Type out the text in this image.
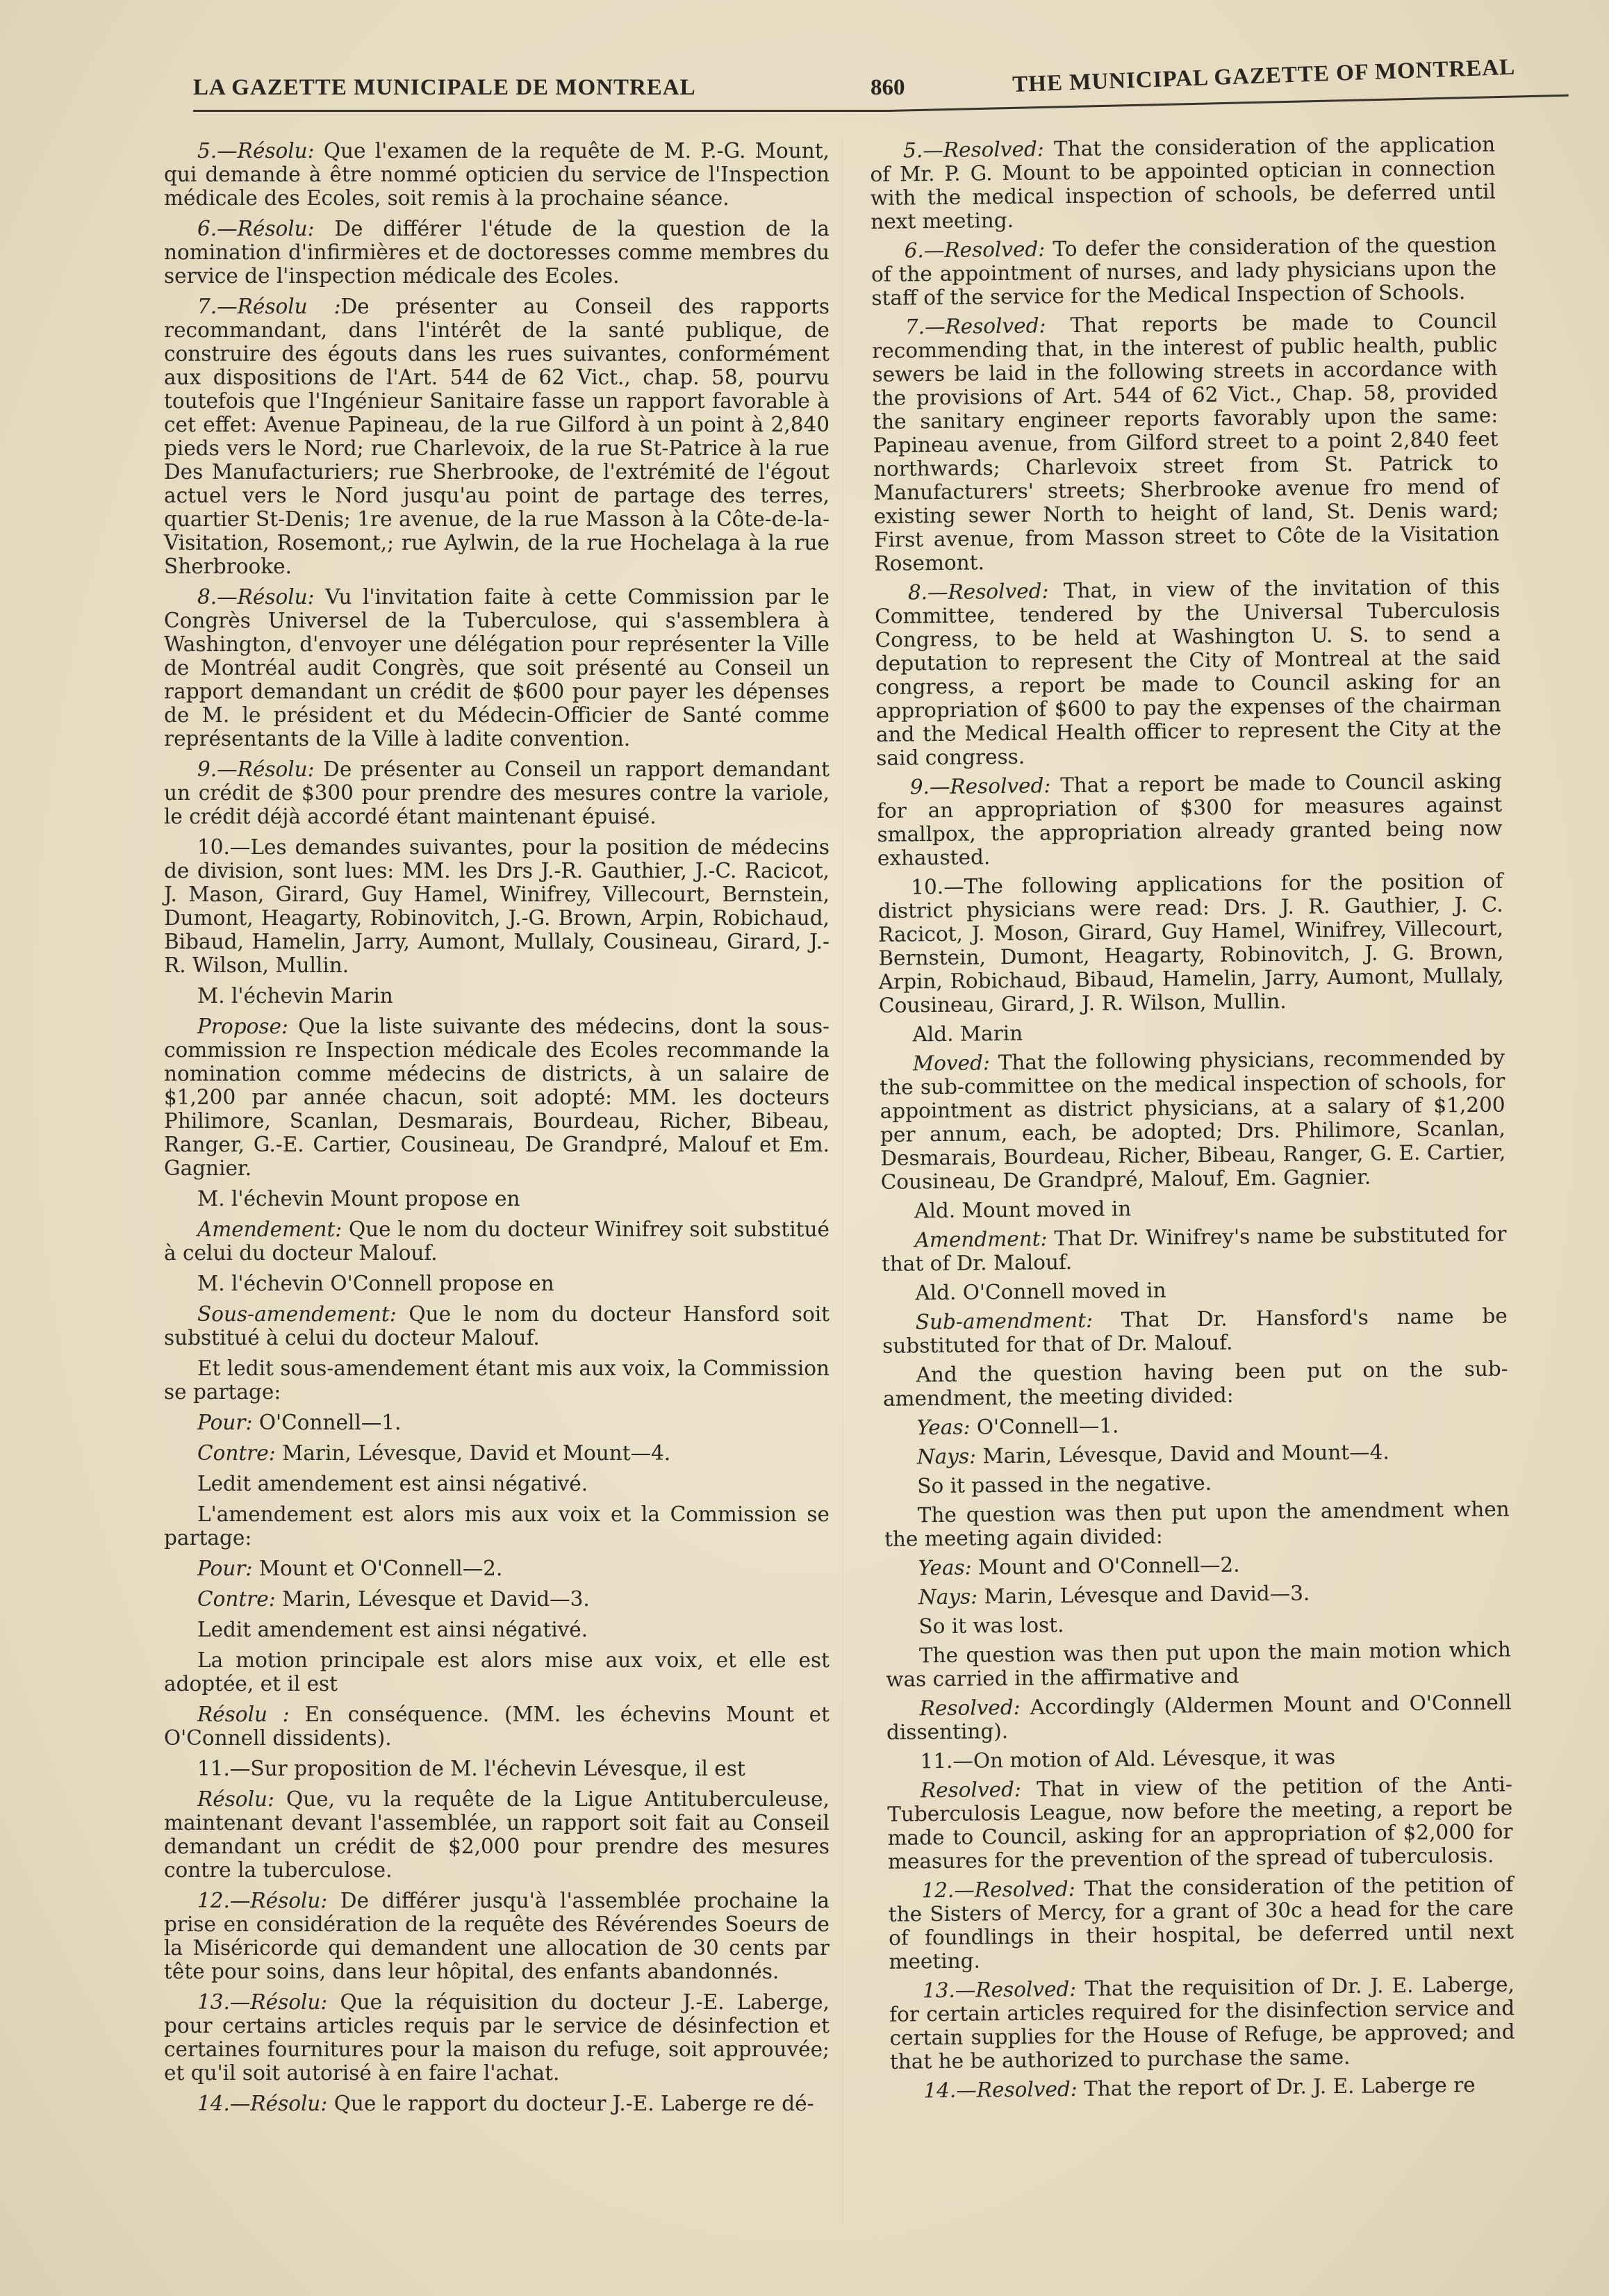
LA GAZETTE MUNICIPALE DE MONTREAL	860	THE MUNICIPAL GAZETTE OF MONTREAL

5.—Résolu: Que l'examen de la requête de M. P.-G. Mount, qui demande à être nommé opticien du service de l'Inspection médicale des Ecoles, soit remis à la prochaine séance.

6.—Résolu: De différer l'étude de la question de la nomination d'infirmières et de doctoresses comme membres du service de l'inspection médicale des Ecoles.

7.—Résolu :De présenter au Conseil des rapports recommandant, dans l'intérêt de la santé publique, de construire des égouts dans les rues suivantes, conformément aux dispositions de l'Art. 544 de 62 Vict., chap. 58, pourvu toutefois que l'Ingénieur Sanitaire fasse un rapport favorable à cet effet: Avenue Papineau, de la rue Gilford à un point à 2,840 pieds vers le Nord; rue Charlevoix, de la rue St-Patrice à la rue Des Manufacturiers; rue Sherbrooke, de l'extrémité de l'égout actuel vers le Nord jusqu'au point de partage des terres, quartier St-Denis; 1re avenue, de la rue Masson à la Côte-de-la-Visitation, Rosemont,; rue Aylwin, de la rue Hochelaga à la rue Sherbrooke.

8.—Résolu: Vu l'invitation faite à cette Commission par le Congrès Universel de la Tuberculose, qui s'assemblera à Washington, d'envoyer une délégation pour représenter la Ville de Montréal audit Congrès, que soit présenté au Conseil un rapport demandant un crédit de $600 pour payer les dépenses de M. le président et du Médecin-Officier de Santé comme représentants de la Ville à ladite convention.

9.—Résolu: De présenter au Conseil un rapport demandant un crédit de $300 pour prendre des mesures contre la variole, le crédit déjà accordé étant maintenant épuisé.

10.—Les demandes suivantes, pour la position de médecins de division, sont lues: MM. les Drs J.-R. Gauthier, J.-C. Racicot, J. Mason, Girard, Guy Hamel, Winifrey, Villecourt, Bernstein, Dumont, Heagarty, Robinovitch, J.-G. Brown, Arpin, Robichaud, Bibaud, Hamelin, Jarry, Aumont, Mullaly, Cousineau, Girard, J.-R. Wilson, Mullin.

M. l'échevin Marin

Propose: Que la liste suivante des médecins, dont la sous-commission re Inspection médicale des Ecoles recommande la nomination comme médecins de districts, à un salaire de $1,200 par année chacun, soit adopté: MM. les docteurs Philimore, Scanlan, Desmarais, Bourdeau, Richer, Bibeau, Ranger, G.-E. Cartier, Cousineau, De Grandpré, Malouf et Em. Gagnier.

M. l'échevin Mount propose en

Amendement: Que le nom du docteur Winifrey soit substitué à celui du docteur Malouf.

M. l'échevin O'Connell propose en

Sous-amendement: Que le nom du docteur Hansford soit substitué à celui du docteur Malouf.

Et ledit sous-amendement étant mis aux voix, la Commission se partage:

Pour: O'Connell—1.

Contre: Marin, Lévesque, David et Mount—4.

Ledit amendement est ainsi négativé.

L'amendement est alors mis aux voix et la Commission se partage:

Pour: Mount et O'Connell—2.

Contre: Marin, Lévesque et David—3.

Ledit amendement est ainsi négativé.

La motion principale est alors mise aux voix, et elle est adoptée, et il est

Résolu : En conséquence. (MM. les échevins Mount et O'Connell dissidents).

11.—Sur proposition de M. l'échevin Lévesque, il est

Résolu: Que, vu la requête de la Ligue Antituberculeuse, maintenant devant l'assemblée, un rapport soit fait au Conseil demandant un crédit de $2,000 pour prendre des mesures contre la tuberculose.

12.—Résolu: De différer jusqu'à l'assemblée prochaine la prise en considération de la requête des Révérendes Soeurs de la Miséricorde qui demandent une allocation de 30 cents par tête pour soins, dans leur hôpital, des enfants abandonnés.

13.—Résolu: Que la réquisition du docteur J.-E. Laberge, pour certains articles requis par le service de désinfection et certaines fournitures pour la maison du refuge, soit approuvée; et qu'il soit autorisé à en faire l'achat.

14.—Résolu: Que le rapport du docteur J.-E. Laberge re dé-

5.—Resolved: That the consideration of the application of Mr. P. G. Mount to be appointed optician in connection with the medical inspection of schools, be deferred until next meeting.

6.—Resolved: To defer the consideration of the question of the appointment of nurses, and lady physicians upon the staff of the service for the Medical Inspection of Schools.

7.—Resolved: That reports be made to Council recommending that, in the interest of public health, public sewers be laid in the following streets in accordance with the provisions of Art. 544 of 62 Vict., Chap. 58, provided the sanitary engineer reports favorably upon the same: Papineau avenue, from Gilford street to a point 2,840 feet northwards; Charlevoix street from St. Patrick to Manufacturers' streets; Sherbrooke avenue fro mend of existing sewer North to height of land, St. Denis ward; First avenue, from Masson street to Côte de la Visitation Rosemont.

8.—Resolved: That, in view of the invitation of this Committee, tendered by the Universal Tuberculosis Congress, to be held at Washington U. S. to send a deputation to represent the City of Montreal at the said congress, a report be made to Council asking for an appropriation of $600 to pay the expenses of the chairman and the Medical Health officer to represent the City at the said congress.

9.—Resolved: That a report be made to Council asking for an appropriation of $300 for measures against smallpox, the appropriation already granted being now exhausted.

10.—The following applications for the position of district physicians were read: Drs. J. R. Gauthier, J. C. Racicot, J. Moson, Girard, Guy Hamel, Winifrey, Villecourt, Bernstein, Dumont, Heagarty, Robinovitch, J. G. Brown, Arpin, Robichaud, Bibaud, Hamelin, Jarry, Aumont, Mullaly, Cousineau, Girard, J. R. Wilson, Mullin.

Ald. Marin

Moved: That the following physicians, recommended by the sub-committee on the medical inspection of schools, for appointment as district physicians, at a salary of $1,200 per annum, each, be adopted; Drs. Philimore, Scanlan, Desmarais, Bourdeau, Richer, Bibeau, Ranger, G. E. Cartier, Cousineau, De Grandpré, Malouf, Em. Gagnier.

Ald. Mount moved in

Amendment: That Dr. Winifrey's name be substituted for that of Dr. Malouf.

Ald. O'Connell moved in

Sub-amendment: That Dr. Hansford's name be substituted for that of Dr. Malouf.

And the question having been put on the sub-amendment, the meeting divided:

Yeas: O'Connell—1.

Nays: Marin, Lévesque, David and Mount—4.

So it passed in the negative.

The question was then put upon the amendment when the meeting again divided:

Yeas: Mount and O'Connell—2.

Nays: Marin, Lévesque and David—3.

So it was lost.

The question was then put upon the main motion which was carried in the affirmative and

Resolved: Accordingly (Aldermen Mount and O'Connell dissenting).

11.—On motion of Ald. Lévesque, it was

Resolved: That in view of the petition of the Anti-Tuberculosis League, now before the meeting, a report be made to Council, asking for an appropriation of $2,000 for measures for the prevention of the spread of tuberculosis.

12.—Resolved: That the consideration of the petition of the Sisters of Mercy, for a grant of 30c a head for the care of foundlings in their hospital, be deferred until next meeting.

13.—Resolved: That the requisition of Dr. J. E. Laberge, for certain articles required for the disinfection service and certain supplies for the House of Refuge, be approved; and that he be authorized to purchase the same.

14.—Resolved: That the report of Dr. J. E. Laberge re
